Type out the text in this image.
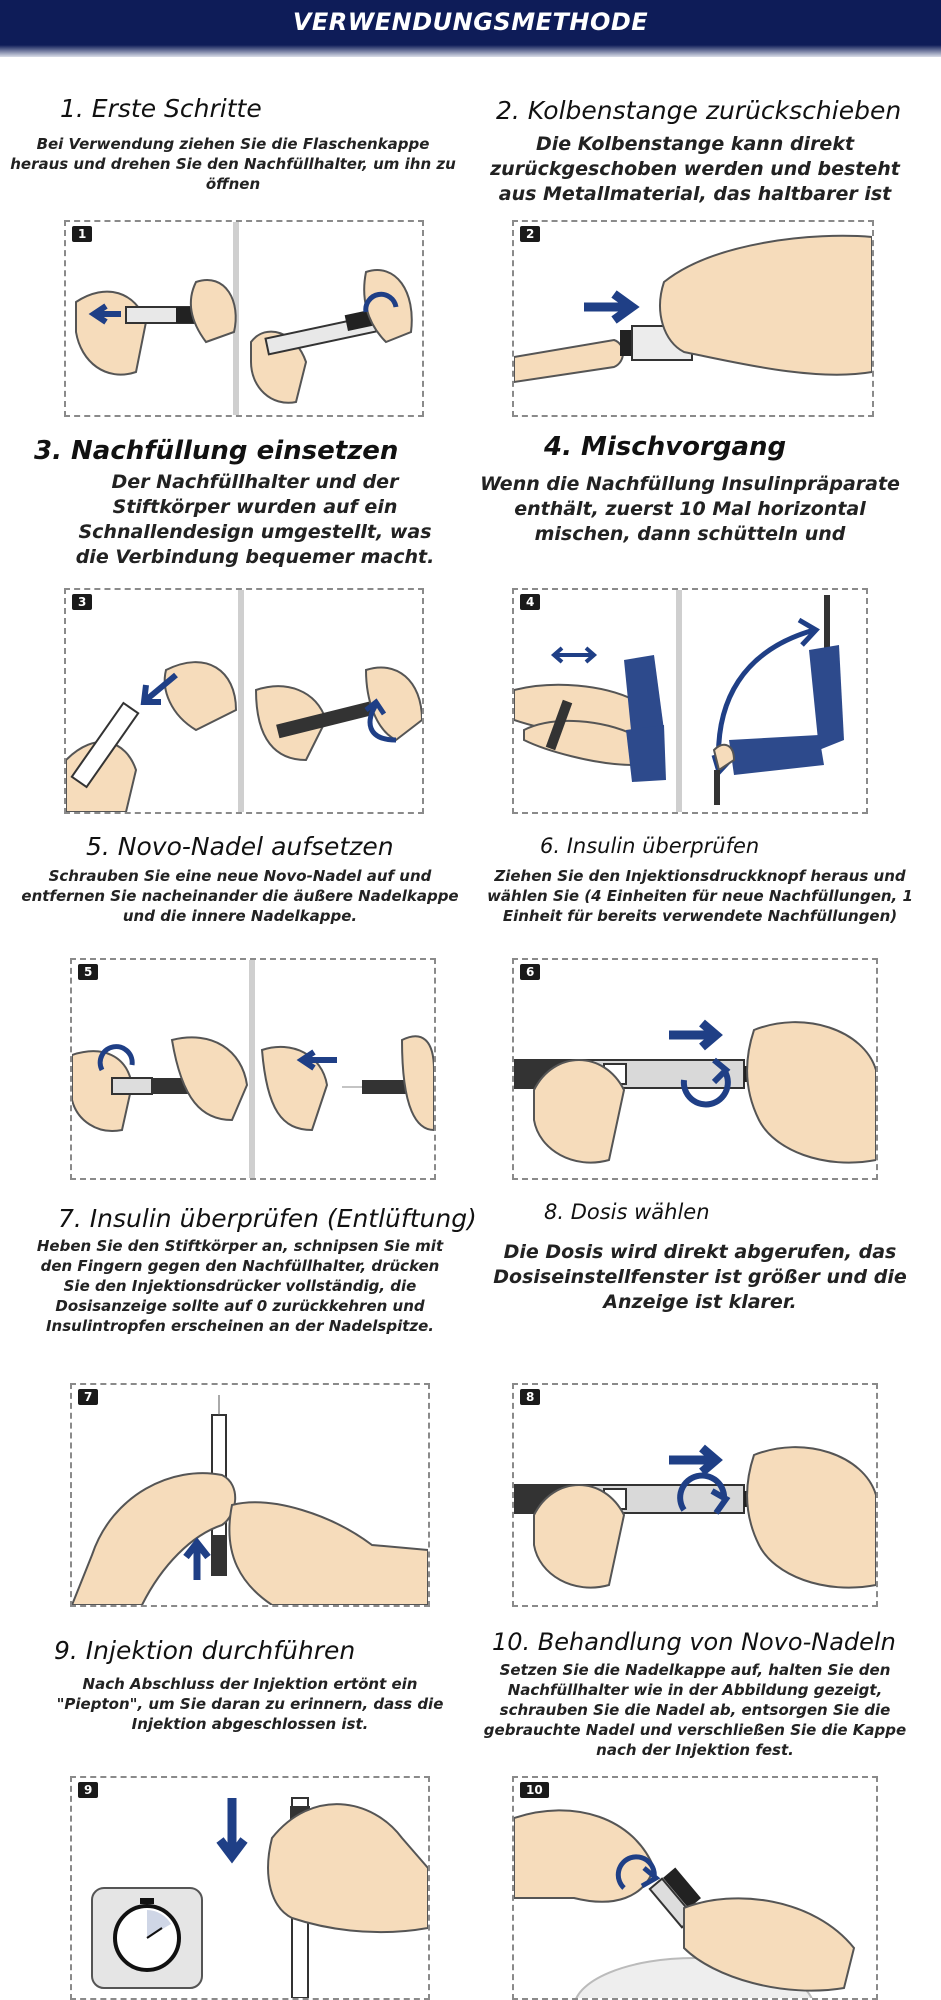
VERWENDUNGSMETHODE
1. Erste Schritte
Bei Verwendung ziehen Sie die Flaschenkappe heraus und drehen Sie den Nachfüllhalter, um ihn zu öffnen
1
2. Kolbenstange zurückschieben
Die Kolbenstange kann direkt zurückgeschoben werden und besteht aus Metallmaterial, das haltbarer ist
2
3. Nachfüllung einsetzen
Der Nachfüllhalter und der Stiftkörper wurden auf ein Schnallendesign umgestellt, was die Verbindung bequemer macht.
3
4. Mischvorgang
Wenn die Nachfüllung Insulinpräparate enthält, zuerst 10 Mal horizontal mischen, dann schütteln und
4
5. Novo-Nadel aufsetzen
Schrauben Sie eine neue Novo-Nadel auf und entfernen Sie nacheinander die äußere Nadelkappe und die innere Nadelkappe.
5
6. Insulin überprüfen
Ziehen Sie den Injektionsdruckknopf heraus und wählen Sie (4 Einheiten für neue Nachfüllungen, 1 Einheit für bereits verwendete Nachfüllungen)
6
7. Insulin überprüfen (Entlüftung)
Heben Sie den Stiftkörper an, schnipsen Sie mit den Fingern gegen den Nachfüllhalter, drücken Sie den Injektionsdrücker vollständig, die Dosisanzeige sollte auf 0 zurückkehren und Insulintropfen erscheinen an der Nadelspitze.
7
8. Dosis wählen
Die Dosis wird direkt abgerufen, das Dosiseinstellfenster ist größer und die Anzeige ist klarer.
8
9. Injektion durchführen
Nach Abschluss der Injektion ertönt ein "Piepton", um Sie daran zu erinnern, dass die Injektion abgeschlossen ist.
9
10. Behandlung von Novo-Nadeln
Setzen Sie die Nadelkappe auf, halten Sie den Nachfüllhalter wie in der Abbildung gezeigt, schrauben Sie die Nadel ab, entsorgen Sie die gebrauchte Nadel und verschließen Sie die Kappe nach der Injektion fest.
10
